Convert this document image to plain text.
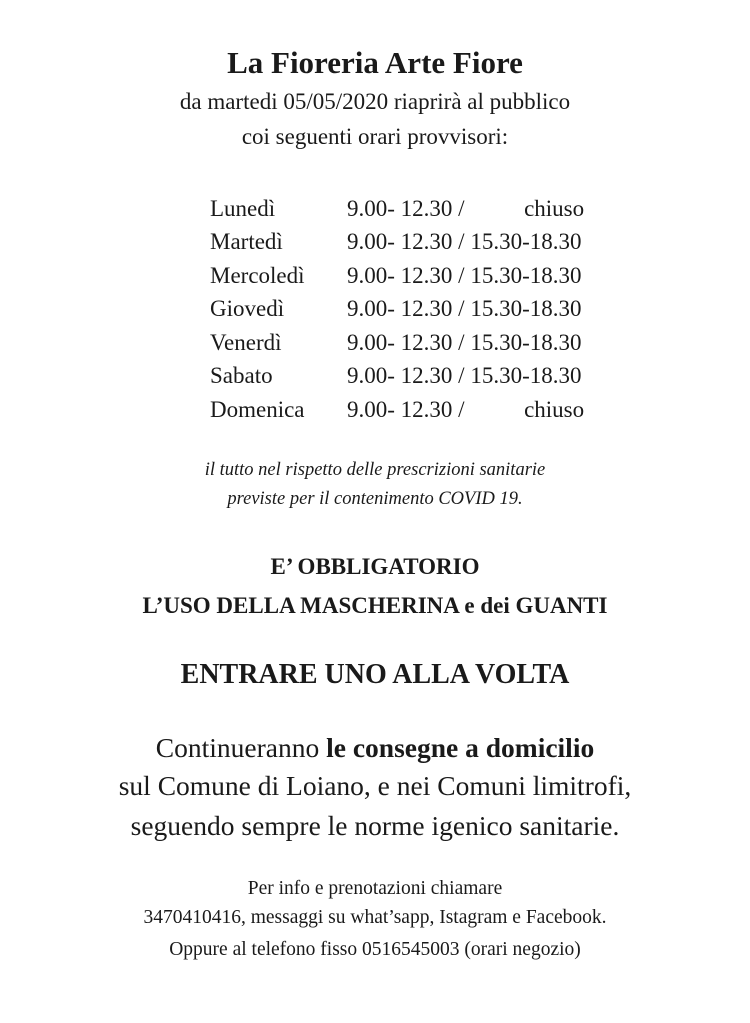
La Fioreria Arte Fiore
da martedi 05/05/2020 riaprirà al pubblico
coi seguenti orari provvisori:
Lunedì	9.00- 12.30 / chiuso
Martedì	9.00- 12.30 / 15.30-18.30
Mercoledì	9.00- 12.30 / 15.30-18.30
Giovedì	9.00- 12.30 / 15.30-18.30
Venerdì	9.00- 12.30 / 15.30-18.30
Sabato	9.00- 12.30 / 15.30-18.30
Domenica	9.00- 12.30 / chiuso
il tutto nel rispetto delle prescrizioni sanitarie
previste per il contenimento COVID 19.
E’ OBBLIGATORIO
L’USO DELLA MASCHERINA e dei GUANTI
ENTRARE UNO ALLA VOLTA
Continueranno le consegne a domicilio
sul Comune di Loiano, e nei Comuni limitrofi,
seguendo sempre le norme igenico sanitarie.
Per info e prenotazioni chiamare
3470410416, messaggi su what’sapp, Istagram e Facebook.
Oppure al telefono fisso 0516545003 (orari negozio)
